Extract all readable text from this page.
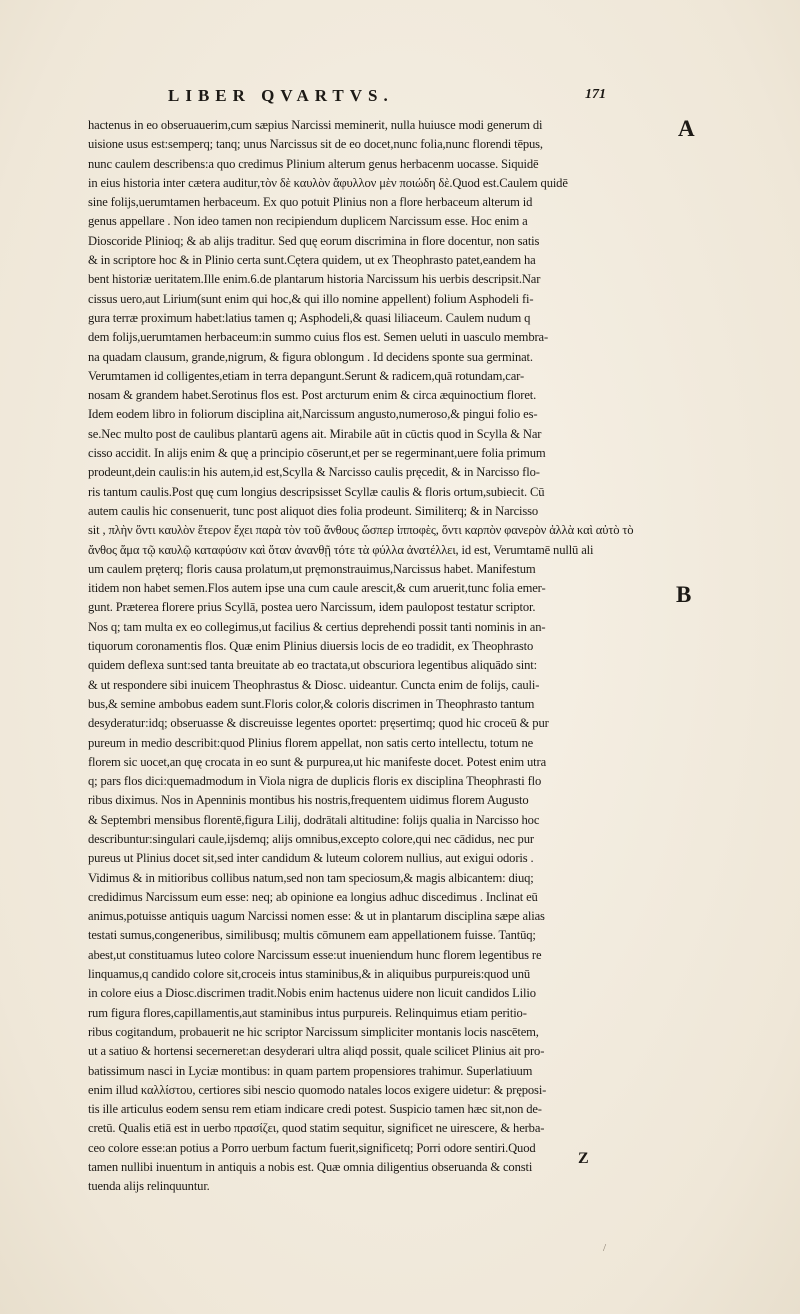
LIBER QVARTVS.	171
A
B
hactenus in eo obseruauerim,cum sæpius Narcissi meminerit, nulla huiusce modi generum di
uisione usus est:semperq; tanq; unus Narcissus sit de eo docet,nunc folia,nunc florendi tēpus,
nunc caulem describens:a quo credimus Plinium alterum genus herbacenm uocasse. Siquidē
in eius historia inter cætera auditur,τὸν δὲ καυλὸν ἄφυλλον μὲν ποιώδη δὲ.Quod est.Caulem quidē
sine folijs,uerumtamen herbaceum. Ex quo potuit Plinius non a flore herbaceum alterum id
genus appellare . Non ideo tamen non recipiendum duplicem Narcissum esse. Hoc enim a
Dioscoride Plinioq; & ab alijs traditur. Sed quę eorum discrimina in flore docentur, non satis
& in scriptore hoc & in Plinio certa sunt.Cętera quidem, ut ex Theophrasto patet,eandem ha
bent historiæ ueritatem.Ille enim.6.de plantarum historia Narcissum his uerbis descripsit.Nar
cissus uero,aut Lirium(sunt enim qui hoc,& qui illo nomine appellent) folium Asphodeli fi-
gura terræ proximum habet:latius tamen q; Asphodeli,& quasi liliaceum. Caulem nudum q
dem folijs,uerumtamen herbaceum:in summo cuius flos est. Semen ueluti in uasculo membra-
na quadam clausum, grande,nigrum, & figura oblongum . Id decidens sponte sua germinat.
Verumtamen id colligentes,etiam in terra depangunt.Serunt & radicem,quā rotundam,car-
nosam & grandem habet.Serotinus flos est. Post arcturum enim & circa æquinoctium floret.
Idem eodem libro in foliorum disciplina ait,Narcissum angusto,numeroso,& pingui folio es-
se.Nec multo post de caulibus plantarū agens ait. Mirabile aūt in cūctis quod in Scylla & Nar
cisso accidit. In alijs enim & quę a principio cōserunt,et per se regerminant,uere folia primum
prodeunt,dein caulis:in his autem,id est,Scylla & Narcisso caulis pręcedit, & in Narcisso flo-
ris tantum caulis.Post quę cum longius descripsisset Scyllæ caulis & floris ortum,subiecit. Cū
autem caulis hic consenuerit, tunc post aliquot dies folia prodeunt. Similiterq; & in Narcisso
sit , πλὴν ὅντι καυλὸν ἕτερον ἔχει παρὰ τὸν τοῦ ἄνθους ὥσπερ ἱπποφὲς, ὅντι καρπὸν φανερὸν ἀλλὰ καὶ αὐτὸ τὸ
ἄνθος ἅμα τῷ καυλῷ καταφύσιν καὶ ὅταν ἀνανθῇ τότε τὰ φύλλα ἀνατέλλει, id est, Verumtamē nullū ali
um caulem pręterq; floris causa prolatum,ut pręmonstrauimus,Narcissus habet. Manifestum
itidem non habet semen.Flos autem ipse una cum caule arescit,& cum aruerit,tunc folia emer-
gunt. Præterea florere prius Scyllā, postea uero Narcissum, idem paulopost testatur scriptor.
Nos q; tam multa ex eo collegimus,ut facilius & certius deprehendi possit tanti nominis in an-
tiquorum coronamentis flos. Quæ enim Plinius diuersis locis de eo tradidit, ex Theophrasto
quidem deflexa sunt:sed tanta breuitate ab eo tractata,ut obscuriora legentibus aliquādo sint:
& ut respondere sibi inuicem Theophrastus & Diosc. uideantur. Cuncta enim de folijs, cauli-
bus,& semine ambobus eadem sunt.Floris color,& coloris discrimen in Theophrasto tantum
desyderatur:idq; obseruasse & discreuisse legentes oportet: pręsertimq; quod hic croceū & pur
pureum in medio describit:quod Plinius florem appellat, non satis certo intellectu, totum ne
florem sic uocet,an quę crocata in eo sunt & purpurea,ut hic manifeste docet. Potest enim utra
q; pars flos dici:quemadmodum in Viola nigra de duplicis floris ex disciplina Theophrasti flo
ribus diximus. Nos in Apenninis montibus his nostris,frequentem uidimus florem Augusto
& Septembri mensibus florentē,figura Lilij, dodrātali altitudine: folijs qualia in Narcisso hoc
describuntur:singulari caule,ijsdemq; alijs omnibus,excepto colore,qui nec cādidus, nec pur
pureus ut Plinius docet sit,sed inter candidum & luteum colorem nullius, aut exigui odoris .
Vidimus & in mitioribus collibus natum,sed non tam speciosum,& magis albicantem: diuq;
credidimus Narcissum eum esse: neq; ab opinione ea longius adhuc discedimus . Inclinat eū
animus,potuisse antiquis uagum Narcissi nomen esse: & ut in plantarum disciplina sæpe alias
testati sumus,congeneribus, similibusq; multis cōmunem eam appellationem fuisse. Tantūq;
abest,ut constituamus luteo colore Narcissum esse:ut inueniendum hunc florem legentibus re
linquamus,q candido colore sit,croceis intus staminibus,& in aliquibus purpureis:quod unū
in colore eius a Diosc.discrimen tradit.Nobis enim hactenus uidere non licuit candidos Lilio
rum figura flores,capillamentis,aut staminibus intus purpureis. Relinquimus etiam peritio-
ribus cogitandum, probauerit ne hic scriptor Narcissum simpliciter montanis locis nascētem,
ut a satiuo & hortensi secerneret:an desyderari ultra aliqd possit, quale scilicet Plinius ait pro-
batissimum nasci in Lyciæ montibus: in quam partem propensiores trahimur. Superlatiuum
enim illud καλλίστου, certiores sibi nescio quomodo natales locos exigere uidetur: & pręposi-
tis ille articulus eodem sensu rem etiam indicare credi potest. Suspicio tamen hæc sit,non de-
cretū. Qualis etiā est in uerbo πρασίζει, quod statim sequitur, significet ne uirescere, & herba-
ceo colore esse:an potius a Porro uerbum factum fuerit,significetq; Porri odore sentiri.Quod
tamen nullibi inuentum in antiquis a nobis est. Quæ omnia diligentius obseruanda & consti
tuenda alijs relinquuntur.
Z
/
